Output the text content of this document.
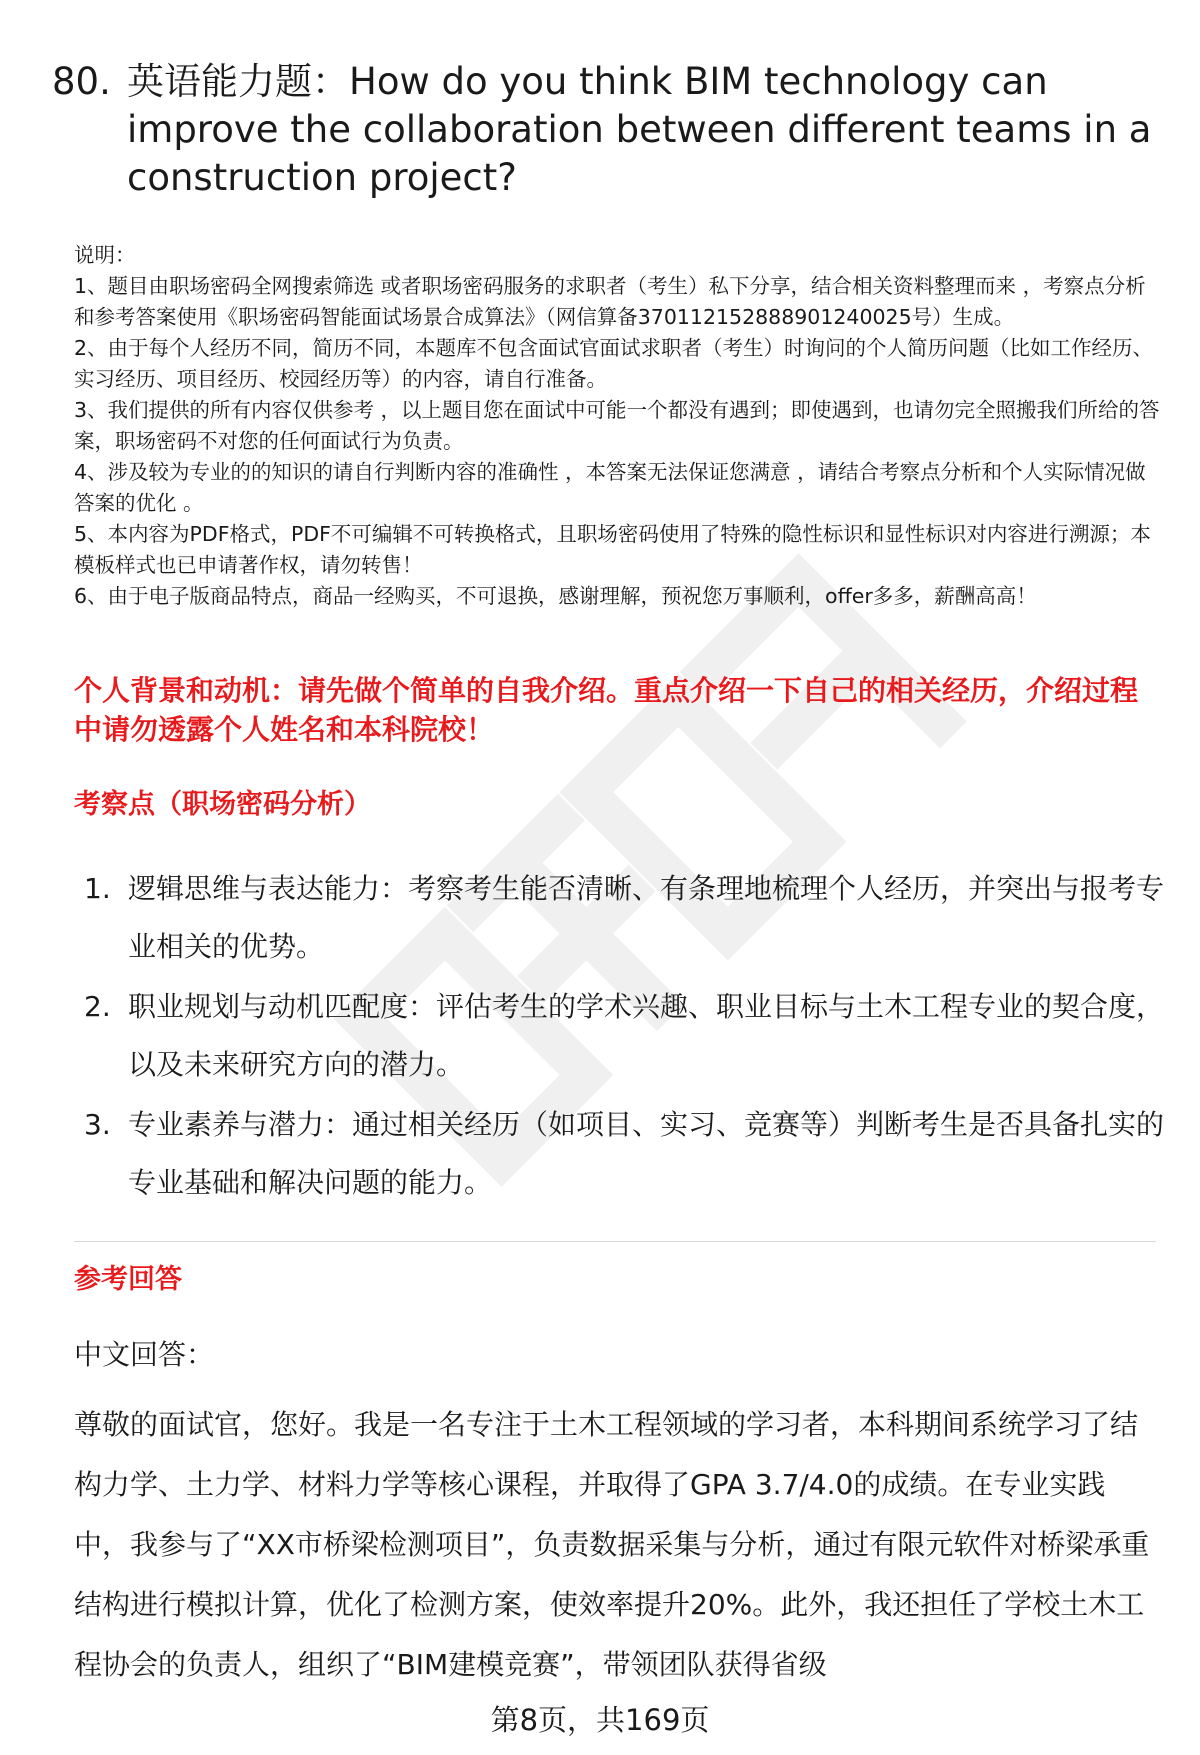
80. 英语能力题：How do you think BIM technology can improve the collaboration between different teams in a construction project?

说明：

1、题目由职场密码全网搜索筛选 或者职场密码服务的求职者（考生）私下分享，结合相关资料整理而来 ，考察点分析和参考答案使用《职场密码智能面试场景合成算法》（网信算备370112152888901240025号）生成。

2、由于每个人经历不同，简历不同，本题库不包含面试官面试求职者（考生）时询问的个人简历问题（比如工作经历、实习经历、项目经历、校园经历等）的内容，请自行准备。

3、我们提供的所有内容仅供参考 ，以上题目您在面试中可能一个都没有遇到；即使遇到，也请勿完全照搬我们所给的答案，职场密码不对您的任何面试行为负责。

4、涉及较为专业的的知识的请自行判断内容的准确性 ，本答案无法保证您满意 ，请结合考察点分析和个人实际情况做答案的优化 。

5、本内容为PDF格式，PDF不可编辑不可转换格式，且职场密码使用了特殊的隐性标识和显性标识对内容进行溯源；本模板样式也已申请著作权，请勿转售！

6、由于电子版商品特点，商品一经购买，不可退换，感谢理解，预祝您万事顺利，offer多多，薪酬高高！

个人背景和动机：请先做个简单的自我介绍。重点介绍一下自己的相关经历，介绍过程中请勿透露个人姓名和本科院校！
考察点（职场密码分析）
1. 逻辑思维与表达能力：考察考生能否清晰、有条理地梳理个人经历，并突出与报考专业相关的优势。
2. 职业规划与动机匹配度：评估考生的学术兴趣、职业目标与土木工程专业的契合度，以及未来研究方向的潜力。
3. 专业素养与潜力：通过相关经历（如项目、实习、竞赛等）判断考生是否具备扎实的专业基础和解决问题的能力。
参考回答
中文回答：

尊敬的面试官，您好。我是一名专注于土木工程领域的学习者，本科期间系统学习了结构力学、土力学、材料力学等核心课程，并取得了GPA 3.7/4.0的成绩。在专业实践中，我参与了“XX市桥梁检测项目”，负责数据采集与分析，通过有限元软件对桥梁承重结构进行模拟计算，优化了检测方案，使效率提升20%。此外，我还担任了学校土木工程协会的负责人，组织了“BIM建模竞赛”，带领团队获得省级

第8页，共169页
